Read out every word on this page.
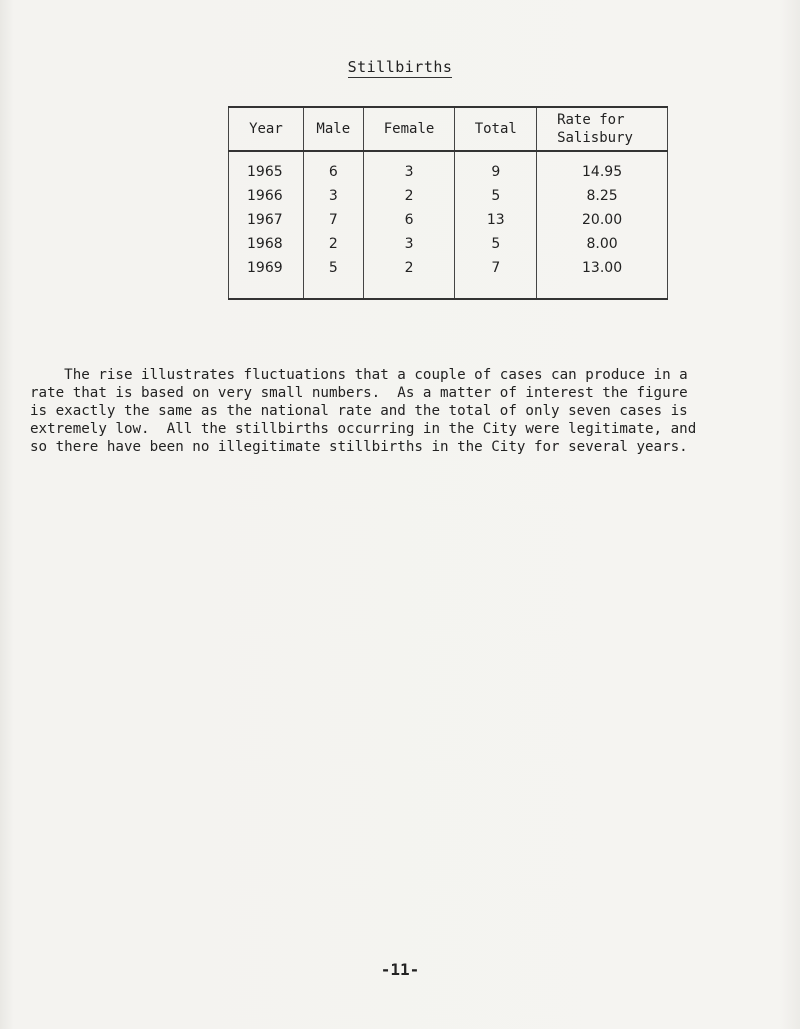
Stillbirths
Year	Male	Female	Total	Rate for Salisbury
1965	6	3	9	14.95
1966	3	2	5	8.25
1967	7	6	13	20.00
1968	2	3	5	8.00
1969	5	2	7	13.00

The rise illustrates fluctuations that a couple of cases can produce in a
rate that is based on very small numbers.  As a matter of interest the figure
is exactly the same as the national rate and the total of only seven cases is
extremely low.  All the stillbirths occurring in the City were legitimate, and
so there have been no illegitimate stillbirths in the City for several years.
-11-
